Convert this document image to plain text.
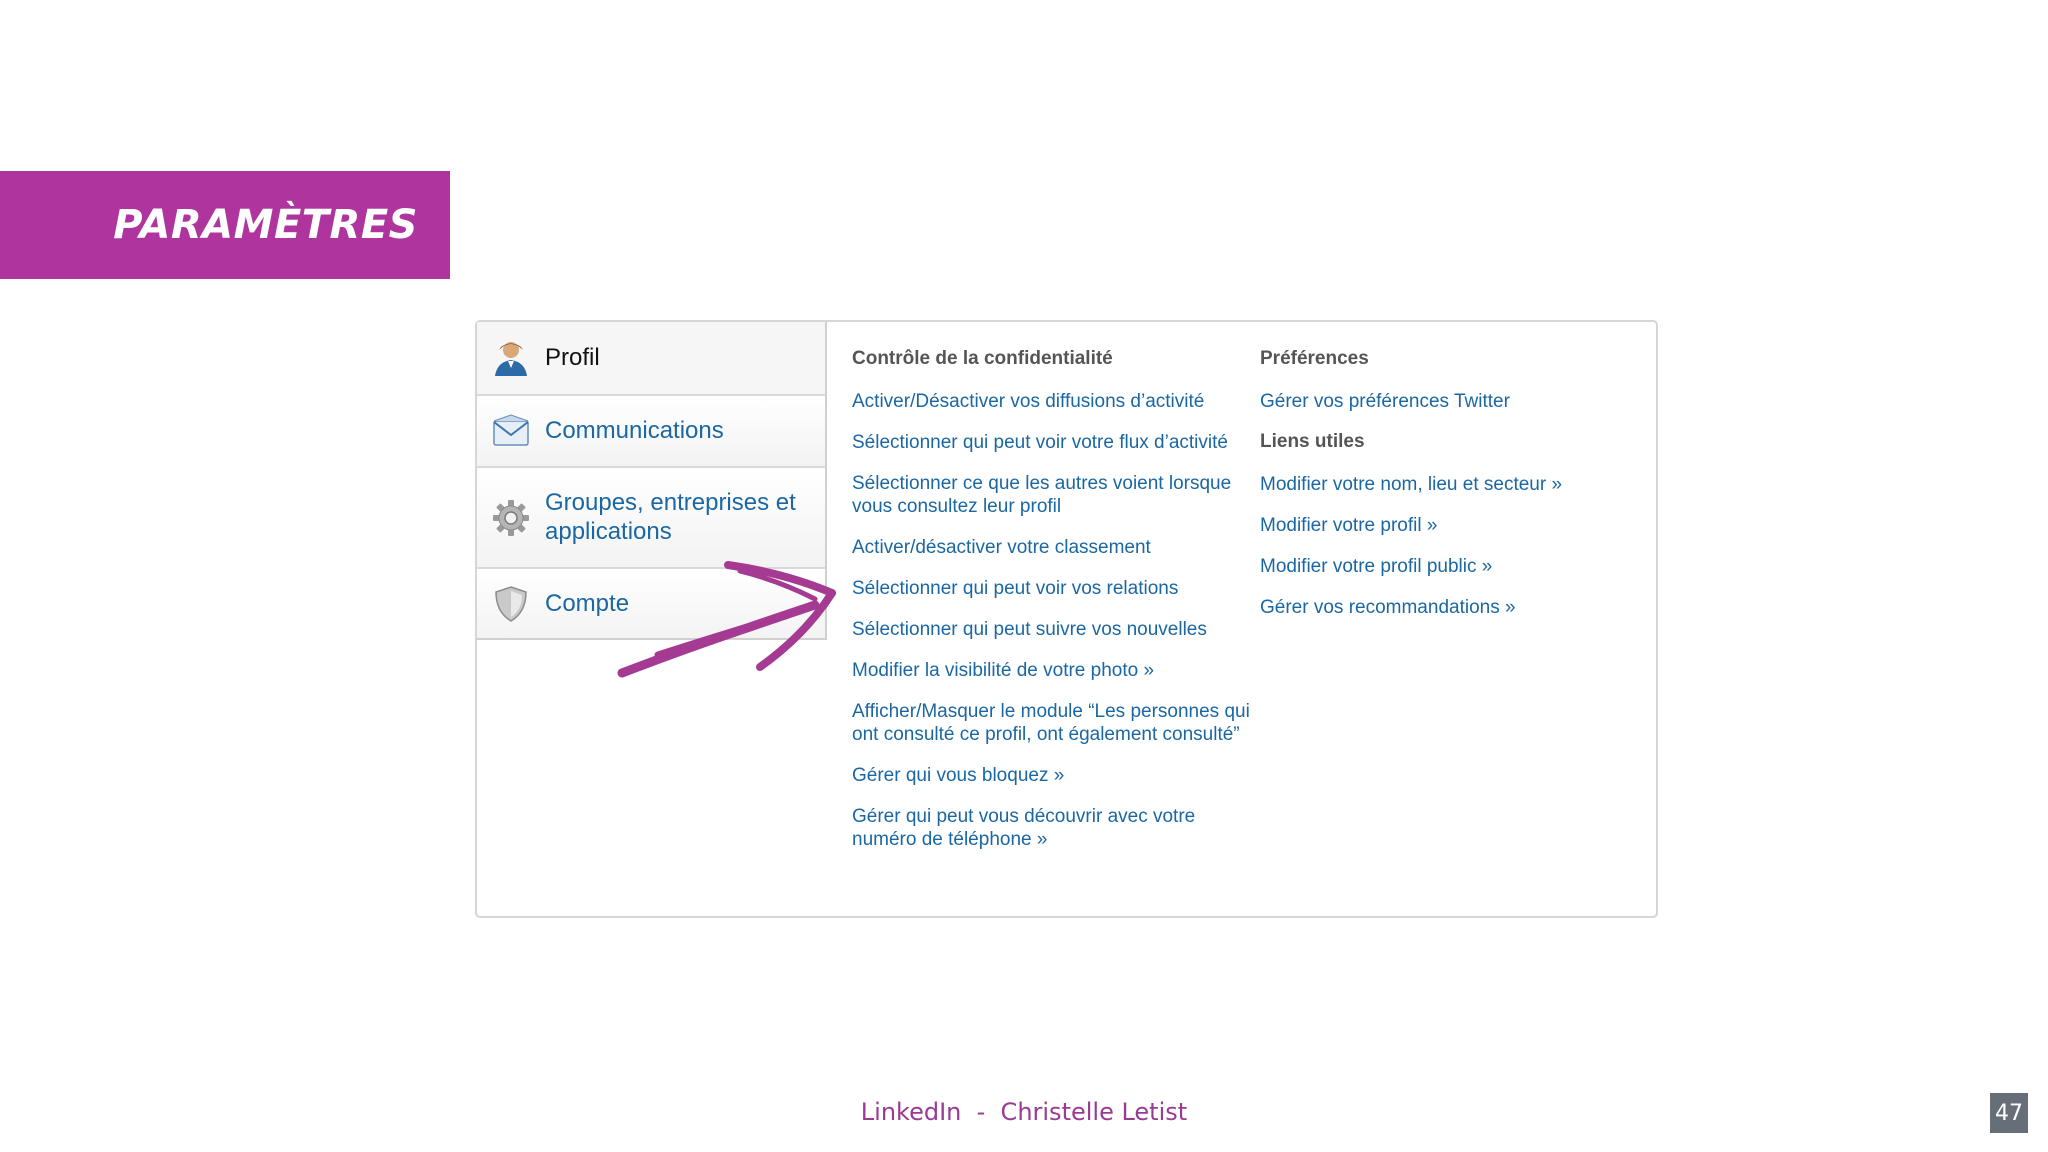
PARAMÈTRES
Profil
Communications
Groupes, entreprises et applications
Compte
Contrôle de la confidentialité
Activer/Désactiver vos diffusions d’activité
Sélectionner qui peut voir votre flux d’activité
Sélectionner ce que les autres voient lorsque vous consultez leur profil
Activer/désactiver votre classement
Sélectionner qui peut voir vos relations
Sélectionner qui peut suivre vos nouvelles
Modifier la visibilité de votre photo »
Afficher/Masquer le module “Les personnes qui ont consulté ce profil, ont également consulté”
Gérer qui vous bloquez »
Gérer qui peut vous découvrir avec votre numéro de téléphone »
Préférences
Gérer vos préférences Twitter
Liens utiles
Modifier votre nom, lieu et secteur »
Modifier votre profil »
Modifier votre profil public »
Gérer vos recommandations »
LinkedIn  -  Christelle Letist	47
